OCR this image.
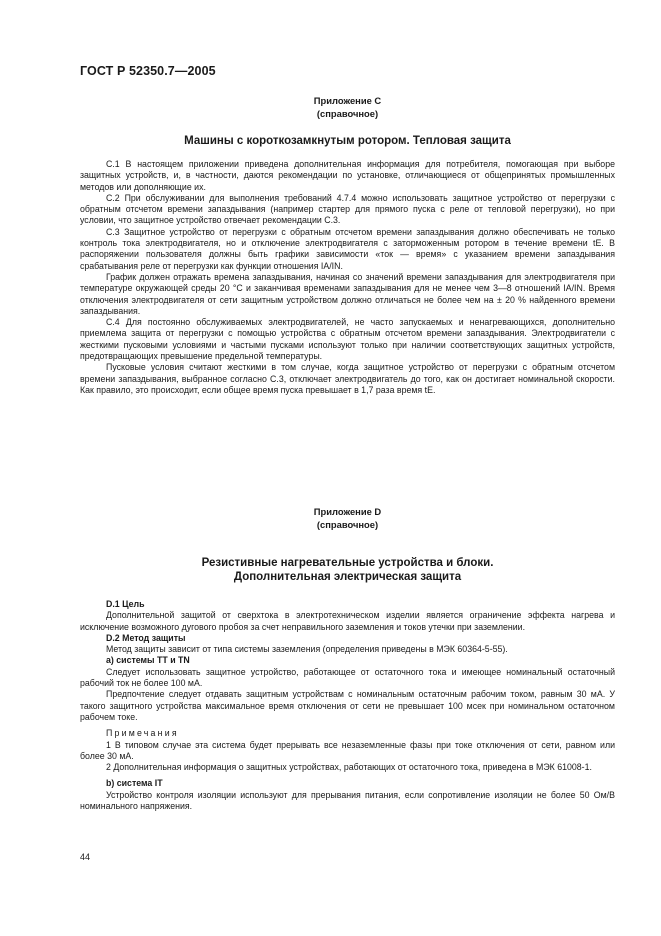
ГОСТ Р 52350.7—2005
Приложение С
(справочное)
Машины с короткозамкнутым ротором. Тепловая защита

С.1 В настоящем приложении приведена дополнительная информация для потребителя, помогающая при выборе защитных устройств, и, в частности, даются рекомендации по установке, отличающиеся от общепринятых промышленных методов или дополняющие их.

С.2 При обслуживании для выполнения требований 4.7.4 можно использовать защитное устройство от перегрузки с обратным отсчетом времени запаздывания (например стартер для прямого пуска с реле от тепловой перегрузки), но при условии, что защитное устройство отвечает рекомендации С.3.

С.3 Защитное устройство от перегрузки с обратным отсчетом времени запаздывания должно обеспечивать не только контроль тока электродвигателя, но и отключение электродвигателя с заторможенным ротором в течение времени tE. В распоряжении пользователя должны быть графики зависимости «ток — время» с указанием времени запаздывания срабатывания реле от перегрузки как функции отношения IA/IN.

График должен отражать времена запаздывания, начиная со значений времени запаздывания для электродвигателя при температуре окружающей среды 20 °С и заканчивая временами запаздывания для не менее чем 3—8 отношений IA/IN. Время отключения электродвигателя от сети защитным устройством должно отличаться не более чем на ± 20 % найденного времени запаздывания.

С.4 Для постоянно обслуживаемых электродвигателей, не часто запускаемых и ненагревающихся, дополнительно приемлема защита от перегрузки с помощью устройства с обратным отсчетом времени запаздывания. Электродвигатели с жесткими пусковыми условиями и частыми пусками используют только при наличии соответствующих защитных устройств, предотвращающих превышение предельной температуры.

Пусковые условия считают жесткими в том случае, когда защитное устройство от перегрузки с обратным отсчетом времени запаздывания, выбранное согласно С.3, отключает электродвигатель до того, как он достигает номинальной скорости. Как правило, это происходит, если общее время пуска превышает в 1,7 раза время tE.

Приложение D
(справочное)
Резистивные нагревательные устройства и блоки.
Дополнительная электрическая защита
D.1 Цель

Дополнительной защитой от сверхтока в электротехническом изделии является ограничение эффекта нагрева и исключение возможного дугового пробоя за счет неправильного заземления и токов утечки при заземлении.

D.2 Метод защиты

Метод защиты зависит от типа системы заземления (определения приведены в МЭК 60364-5-55).

а) системы ТТ и TN

Следует использовать защитное устройство, работающее от остаточного тока и имеющее номинальный остаточный рабочий ток не более 100 мА.

Предпочтение следует отдавать защитным устройствам с номинальным остаточным рабочим током, равным 30 мА. У такого защитного устройства максимальное время отключения от сети не превышает 100 мсек при номинальном остаточном рабочем токе.

Примечания

1 В типовом случае эта система будет прерывать все незаземленные фазы при токе отключения от сети, равном или более 30 мА.

2 Дополнительная информация о защитных устройствах, работающих от остаточного тока, приведена в МЭК 61008-1.

b) система IT

Устройство контроля изоляции используют для прерывания питания, если сопротивление изоляции не более 50 Ом/В номинального напряжения.

44
